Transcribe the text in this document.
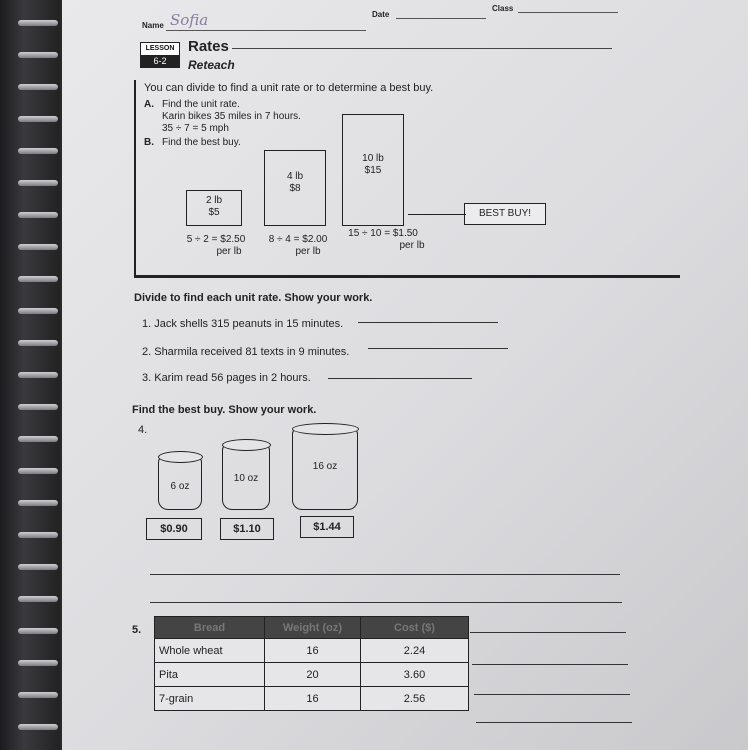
Name Sofia	Date
Class
LESSON
6-2
Rates
Reteach
You can divide to find a unit rate or to determine a best buy.
A. Find the unit rate.
Karin bikes 35 miles in 7 hours.
35 ÷ 7 = 5 mph
B. Find the best buy.
2 lb
$5
4 lb
$8
10 lb
$15
BEST BUY!
5 ÷ 2 = $2.50
per lb
8 ÷ 4 = $2.00
per lb
15 ÷ 10 = $1.50
per lb
Divide to find each unit rate. Show your work.
1. Jack shells 315 peanuts in 15 minutes.
2. Sharmila received 81 texts in 9 minutes.
3. Karim read 56 pages in 2 hours.
Find the best buy. Show your work.
4.
6 oz
10 oz
16 oz
$0.90	$1.10	$1.44
5.	Bread	Weight (oz)	Cost ($)
Whole wheat	16	2.24
Pita	20	3.60
7-grain	16	2.56
